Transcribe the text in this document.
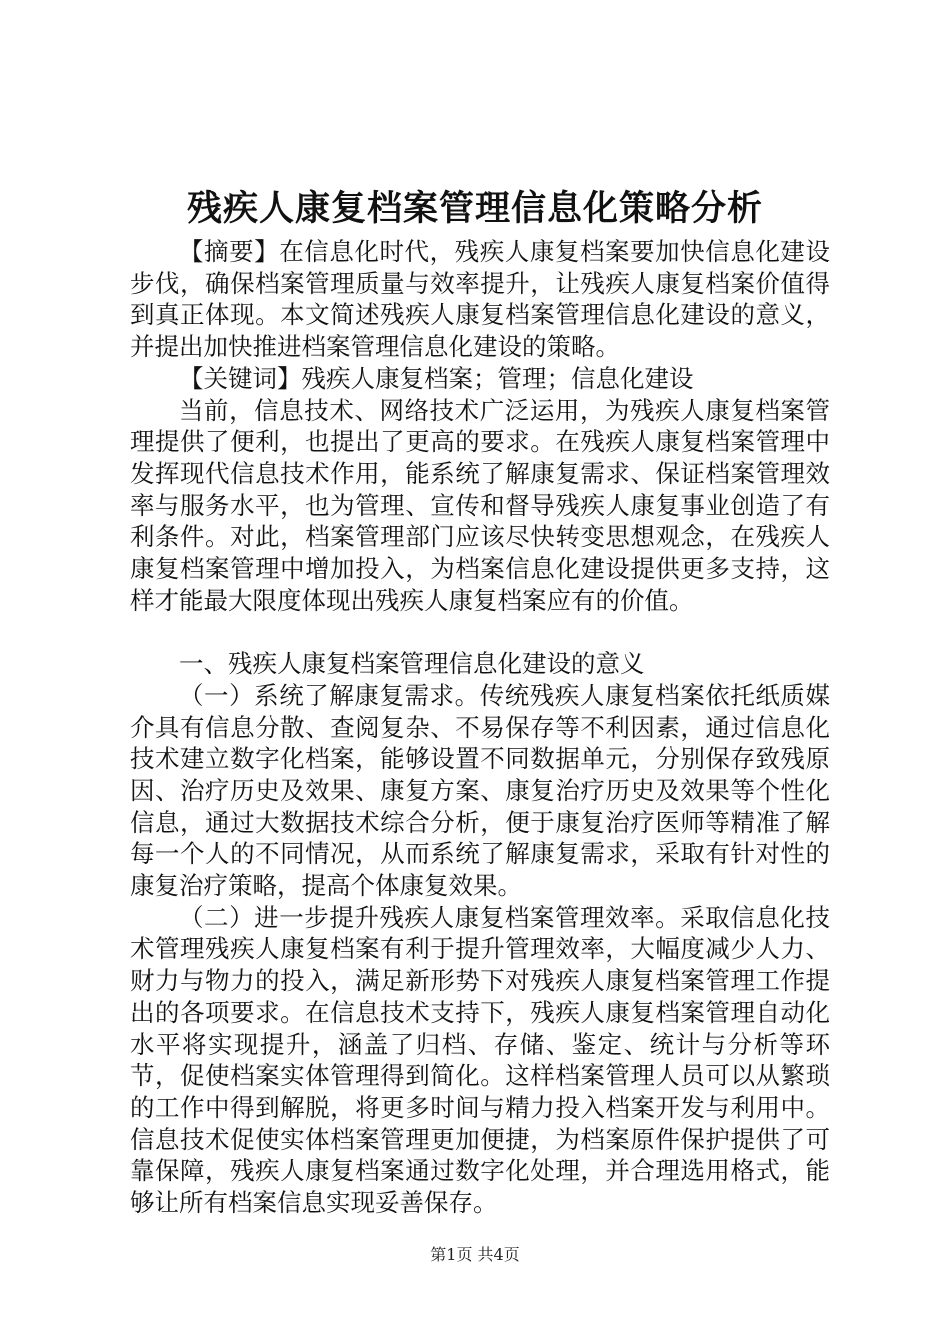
残疾人康复档案管理信息化策略分析

【摘要】在信息化时代，残疾人康复档案要加快信息化建设步伐，确保档案管理质量与效率提升，让残疾人康复档案价值得到真正体现。本文简述残疾人康复档案管理信息化建设的意义，并提出加快推进档案管理信息化建设的策略。

【关键词】残疾人康复档案；管理；信息化建设

当前，信息技术、网络技术广泛运用，为残疾人康复档案管理提供了便利，也提出了更高的要求。在残疾人康复档案管理中发挥现代信息技术作用，能系统了解康复需求、保证档案管理效率与服务水平，也为管理、宣传和督导残疾人康复事业创造了有利条件。对此，档案管理部门应该尽快转变思想观念，在残疾人康复档案管理中增加投入，为档案信息化建设提供更多支持，这样才能最大限度体现出残疾人康复档案应有的价值。

一、残疾人康复档案管理信息化建设的意义

（一）系统了解康复需求。传统残疾人康复档案依托纸质媒介具有信息分散、查阅复杂、不易保存等不利因素，通过信息化技术建立数字化档案，能够设置不同数据单元，分别保存致残原因、治疗历史及效果、康复方案、康复治疗历史及效果等个性化信息，通过大数据技术综合分析，便于康复治疗医师等精准了解每一个人的不同情况，从而系统了解康复需求，采取有针对性的康复治疗策略，提高个体康复效果。

（二）进一步提升残疾人康复档案管理效率。采取信息化技术管理残疾人康复档案有利于提升管理效率，大幅度减少人力、财力与物力的投入，满足新形势下对残疾人康复档案管理工作提出的各项要求。在信息技术支持下，残疾人康复档案管理自动化水平将实现提升，涵盖了归档、存储、鉴定、统计与分析等环节，促使档案实体管理得到简化。这样档案管理人员可以从繁琐的工作中得到解脱，将更多时间与精力投入档案开发与利用中。信息技术促使实体档案管理更加便捷，为档案原件保护提供了可靠保障，残疾人康复档案通过数字化处理，并合理选用格式，能够让所有档案信息实现妥善保存。

第1页 共4页
